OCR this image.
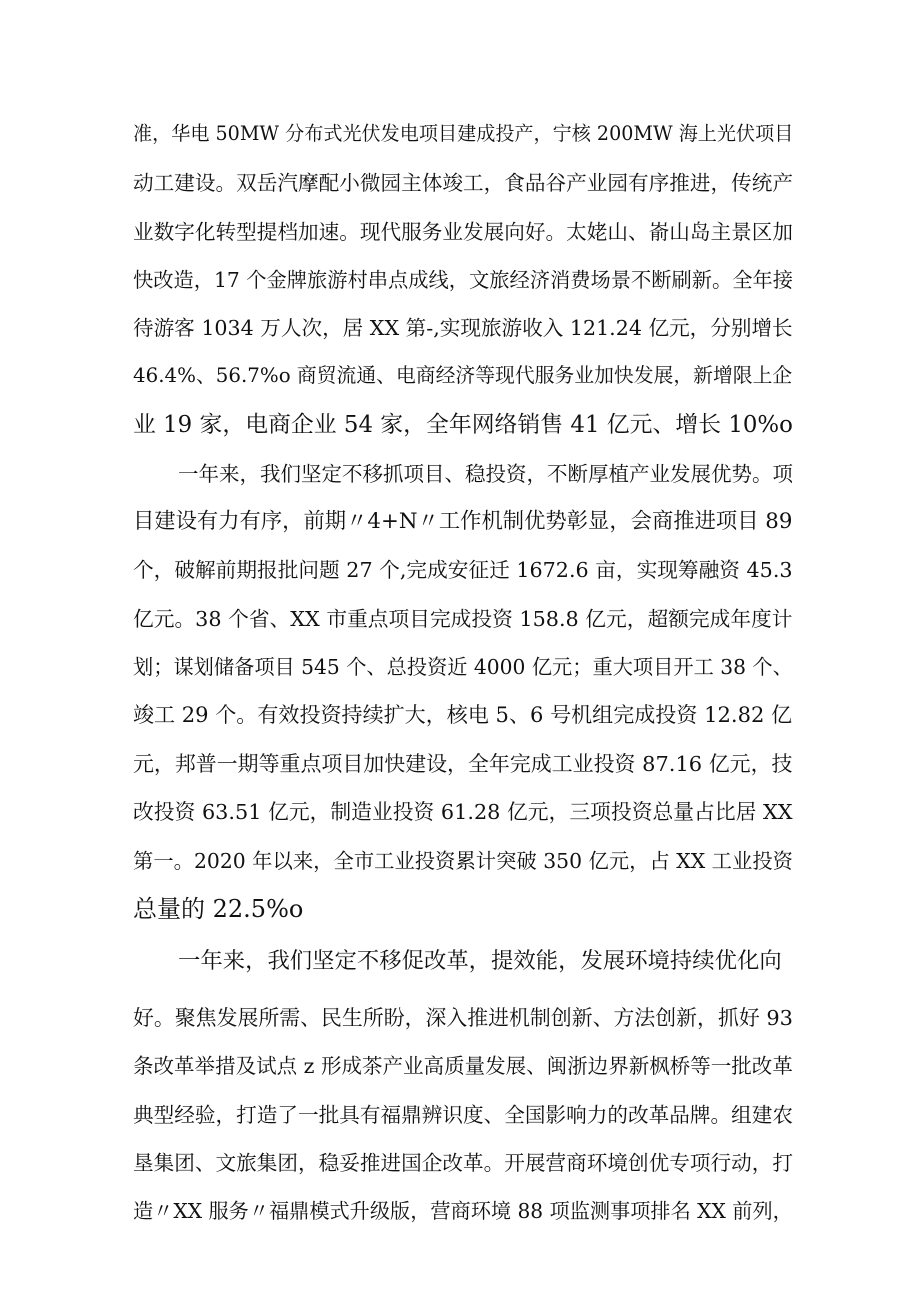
准，华电 50MW 分布式光伏发电项目建成投产，宁核 200MW 海上光伏项目
动工建设。双岳汽摩配小微园主体竣工，食品谷产业园有序推进，传统产
业数字化转型提档加速。现代服务业发展向好。太姥山、嵛山岛主景区加
快改造，17 个金牌旅游村串点成线，文旅经济消费场景不断刷新。全年接
待游客 1034 万人次，居 XX 第-,实现旅游收入 121.24 亿元，分别增长
46.4%、56.7%o 商贸流通、电商经济等现代服务业加快发展，新增限上企
业 19 家，电商企业 54 家，全年网络销售 41 亿元、增长 10%o
一年来，我们坚定不移抓项目、稳投资，不断厚植产业发展优势。项
目建设有力有序，前期〃4+N〃工作机制优势彰显，会商推进项目 89
个，破解前期报批问题 27 个,完成安征迁 1672.6 亩，实现筹融资 45.3
亿元。38 个省、XX 市重点项目完成投资 158.8 亿元，超额完成年度计
划；谋划储备项目 545 个、总投资近 4000 亿元；重大项目开工 38 个、
竣工 29 个。有效投资持续扩大，核电 5、6 号机组完成投资 12.82 亿
元，邦普一期等重点项目加快建设，全年完成工业投资 87.16 亿元，技
改投资 63.51 亿元，制造业投资 61.28 亿元，三项投资总量占比居 XX
第一。2020 年以来，全市工业投资累计突破 350 亿元，占 XX 工业投资
总量的 22.5%o
一年来，我们坚定不移促改革，提效能，发展环境持续优化向
好。聚焦发展所需、民生所盼，深入推进机制创新、方法创新，抓好 93
条改革举措及试点 z 形成茶产业高质量发展、闽浙边界新枫桥等一批改革
典型经验，打造了一批具有福鼎辨识度、全国影响力的改革品牌。组建农
垦集团、文旅集团，稳妥推进国企改革。开展营商环境创优专项行动，打
造〃XX 服务〃福鼎模式升级版，营商环境 88 项监测事项排名 XX 前列，
